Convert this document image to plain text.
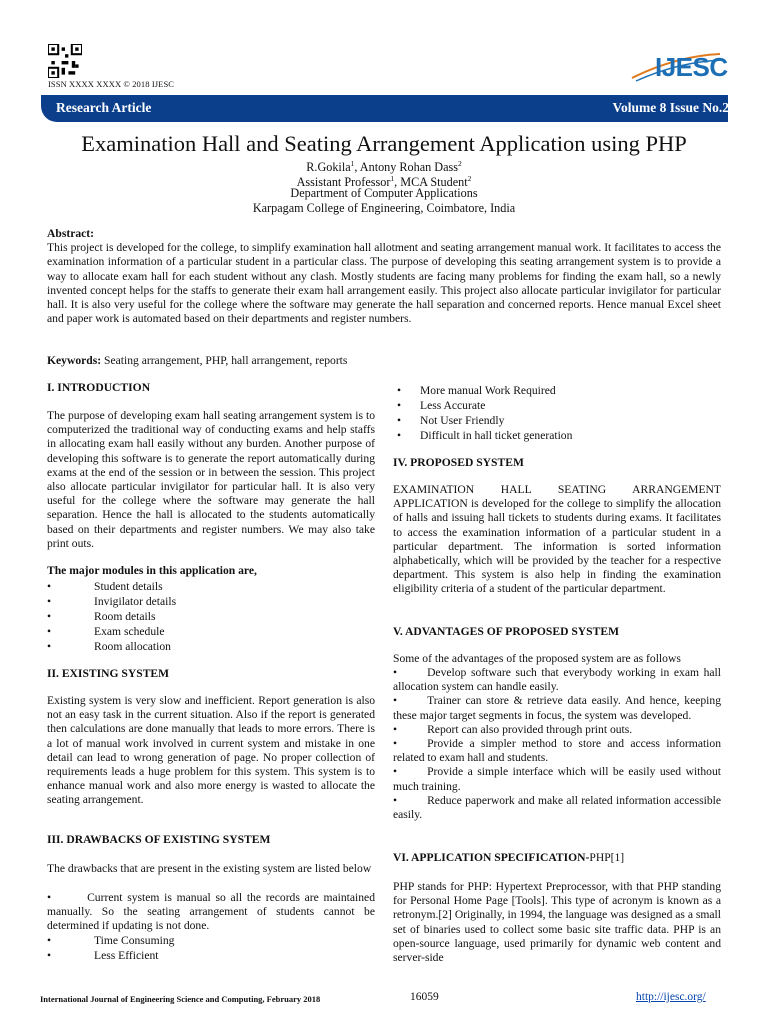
ISSN XXXX XXXX © 2018 IJESC
IJESC
Research Article	Volume 8 Issue No.2
Examination Hall and Seating Arrangement Application using PHP
R.Gokila$^1$, Antony Rohan Dass$^2$
Assistant Professor$^1$, MCA Student$^2$
Department of Computer Applications
Karpagam College of Engineering, Coimbatore, India
Abstract:
This project is developed for the college, to simplify examination hall allotment and seating arrangement manual work. It facilitates to access the examination information of a particular student in a particular class. The purpose of developing this seating arrangement system is to provide a way to allocate exam hall for each student without any clash. Mostly students are facing many problems for finding the exam hall, so a newly invented concept helps for the staffs to generate their exam hall arrangement easily. This project also allocate particular invigilator for particular hall. It is also very useful for the college where the software may generate the hall separation and concerned reports. Hence manual Excel sheet and paper work is automated based on their departments and register numbers.
Keywords: Seating arrangement, PHP, hall arrangement, reports
I. INTRODUCTION
The purpose of developing exam hall seating arrangement system is to computerized the traditional way of conducting exams and help staffs in allocating exam hall easily without any burden. Another purpose of developing this software is to generate the report automatically during exams at the end of the session or in between the session. This project also allocate particular invigilator for particular hall. It is also very useful for the college where the software may generate the hall separation. Hence the hall is allocated to the students automatically based on their departments and register numbers. We may also take print outs.
The major modules in this application are,
•	Student details
•	Invigilator details
•	Room details
•	Exam schedule
•	Room allocation
II. EXISTING SYSTEM
Existing system is very slow and inefficient. Report generation is also not an easy task in the current situation. Also if the report is generated then calculations are done manually that leads to more errors. There is a lot of manual work involved in current system and mistake in one detail can lead to wrong generation of page. No proper collection of requirements leads a huge problem for this system. This system is to enhance manual work and also more energy is wasted to allocate the seating arrangement.
III. DRAWBACKS OF EXISTING SYSTEM
The drawbacks that are present in the existing system are listed below
•	Current system is manual so all the records are maintained manually. So the seating arrangement of students cannot be determined if updating is not done.
•	Time Consuming
•	Less Efficient
• More manual Work Required
• Less Accurate
• Not User Friendly
• Difficult in hall ticket generation
IV. PROPOSED SYSTEM
EXAMINATION HALL SEATING ARRANGEMENT APPLICATION is developed for the college to simplify the allocation of halls and issuing hall tickets to students during exams. It facilitates to access the examination information of a particular student in a particular department. The information is sorted information alphabetically, which will be provided by the teacher for a respective department. This system is also help in finding the examination eligibility criteria of a student of the particular department.
V. ADVANTAGES OF PROPOSED SYSTEM
Some of the advantages of the proposed system are as follows
•	Develop software such that everybody working in exam hall allocation system can handle easily.
•	Trainer can store & retrieve data easily. And hence, keeping these major target segments in focus, the system was developed.
•	Report can also provided through print outs.
•	Provide a simpler method to store and access information related to exam hall and students.
•	Provide a simple interface which will be easily used without much training.
•	Reduce paperwork and make all related information accessible easily.
VI. APPLICATION SPECIFICATION-PHP[1]
PHP stands for PHP: Hypertext Preprocessor, with that PHP standing for Personal Home Page [Tools]. This type of acronym is known as a retronym.[2] Originally, in 1994, the language was designed as a small set of binaries used to collect some basic site traffic data. PHP is an open-source language, used primarily for dynamic web content and server-side
International Journal of Engineering Science and Computing, February 2018	16059	http://ijesc.org/
